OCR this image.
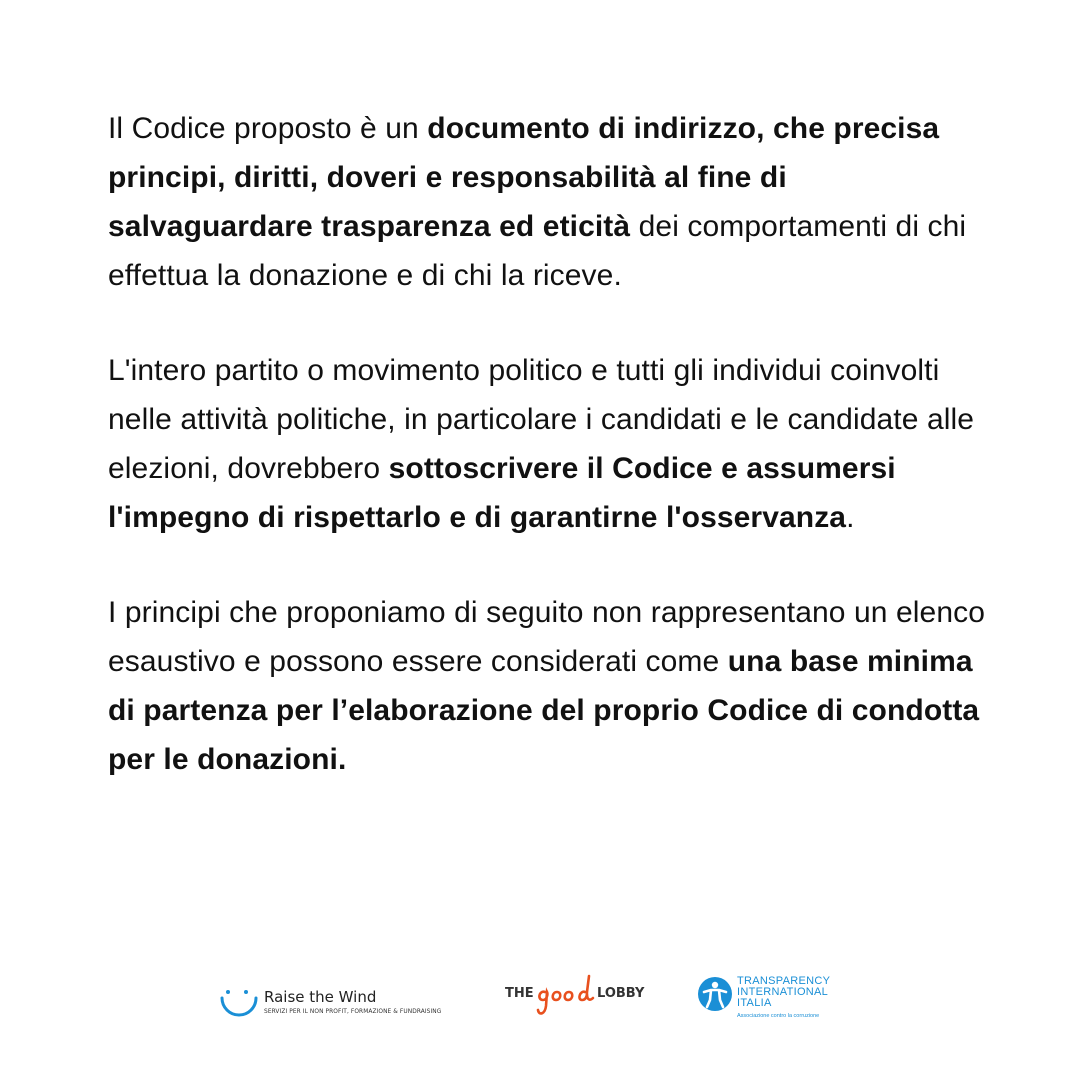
Il Codice proposto è un documento di indirizzo, che precisa principi, diritti, doveri e responsabilità al fine di salvaguardare trasparenza ed eticità dei comportamenti di chi effettua la donazione e di chi la riceve.

L'intero partito o movimento politico e tutti gli individui coinvolti nelle attività politiche, in particolare i candidati e le candidate alle elezioni, dovrebbero sottoscrivere il Codice e assumersi l'impegno di rispettarlo e di garantirne l'osservanza.

I principi che proponiamo di seguito non rappresentano un elenco esaustivo e possono essere considerati come una base minima di partenza per l’elaborazione del proprio Codice di condotta per le donazioni.

Raise the Wind
SERVIZI PER IL NON PROFIT, FORMAZIONE & FUNDRAISING
THE	LOBBY
TRANSPARENCY
INTERNATIONAL
ITALIA
Associazione contro la corruzione
